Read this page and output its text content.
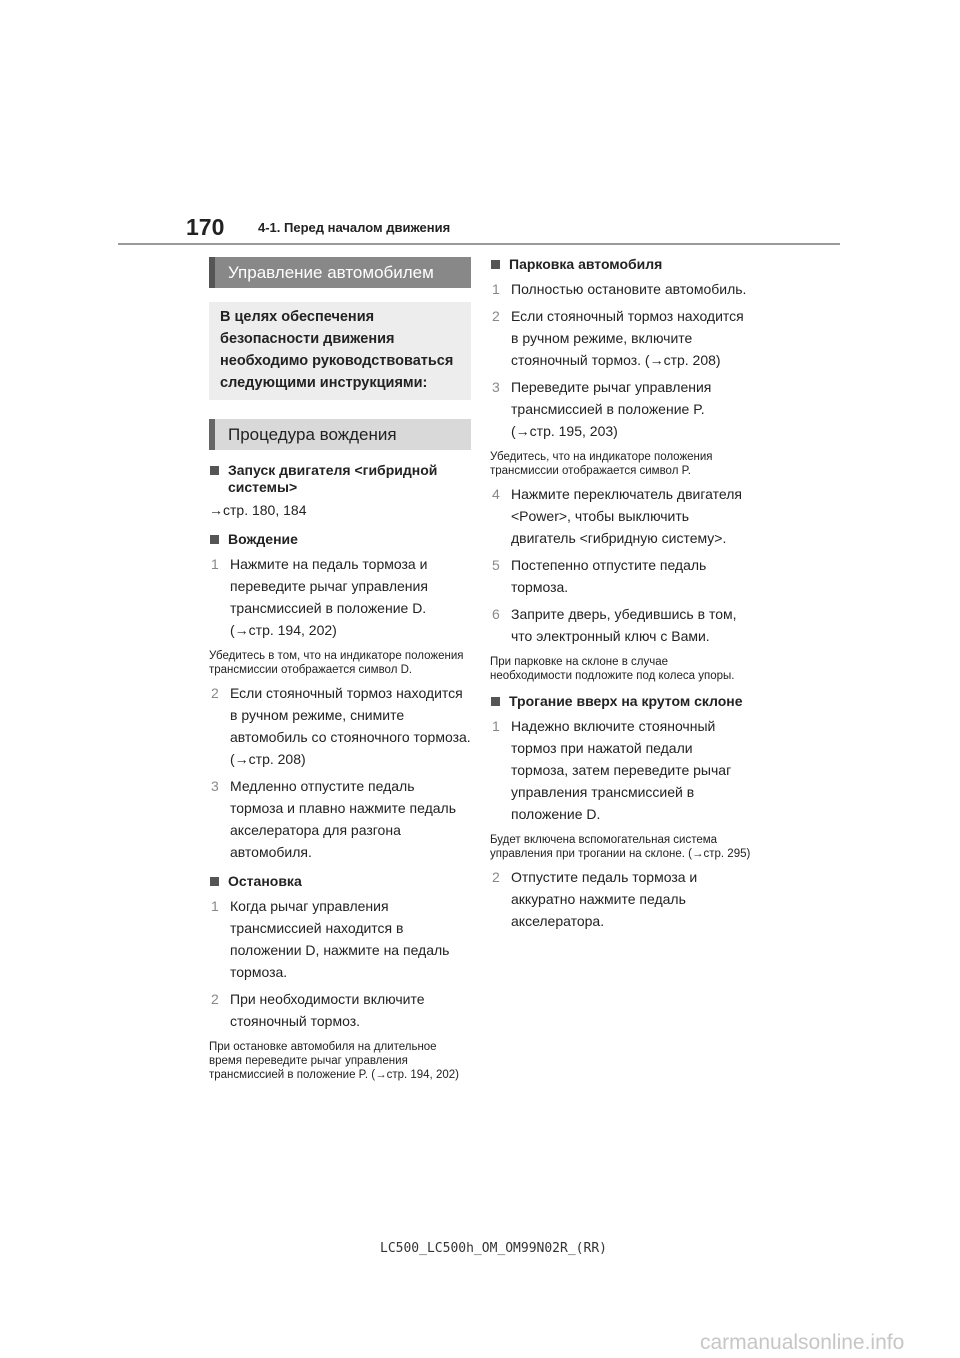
170	4-1. Перед началом движения
Управление автомобилем
В целях обеспечения безопасности движения необходимо руководствоваться следующими инструкциями:
Процедура вождения
Запуск двигателя <гибридной системы>
→стр. 180, 184
Вождение
1 Нажмите на педаль тормоза и переведите рычаг управления трансмиссией в положение D. (→стр. 194, 202)
Убедитесь в том, что на индикаторе положения трансмиссии отображается символ D.
2 Если стояночный тормоз находится в ручном режиме, снимите автомобиль со стояночного тормоза. (→стр. 208)
3 Медленно отпустите педаль тормоза и плавно нажмите педаль акселератора для разгона автомобиля.
Остановка
1 Когда рычаг управления трансмиссией находится в положении D, нажмите на педаль тормоза.
2 При необходимости включите стояночный тормоз.
При остановке автомобиля на длительное время переведите рычаг управления трансмиссией в положение P. (→стр. 194, 202)
Парковка автомобиля
1 Полностью остановите автомобиль.
2 Если стояночный тормоз находится в ручном режиме, включите стояночный тормоз. (→стр. 208)
3 Переведите рычаг управления трансмиссией в положение P. (→стр. 195, 203)
Убедитесь, что на индикаторе положения трансмиссии отображается символ P.
4 Нажмите переключатель двигателя <Power>, чтобы выключить двигатель <гибридную систему>.
5 Постепенно отпустите педаль тормоза.
6 Заприте дверь, убедившись в том, что электронный ключ с Вами.
При парковке на склоне в случае необходимости подложите под колеса упоры.
Трогание вверх на крутом склоне
1 Надежно включите стояночный тормоз при нажатой педали тормоза, затем переведите рычаг управления трансмиссией в положение D.
Будет включена вспомогательная система управления при трогании на склоне. (→стр. 295)
2 Отпустите педаль тормоза и аккуратно нажмите педаль акселератора.
LC500_LC500h_OM_OM99N02R_(RR)
carmanualsonline.info
